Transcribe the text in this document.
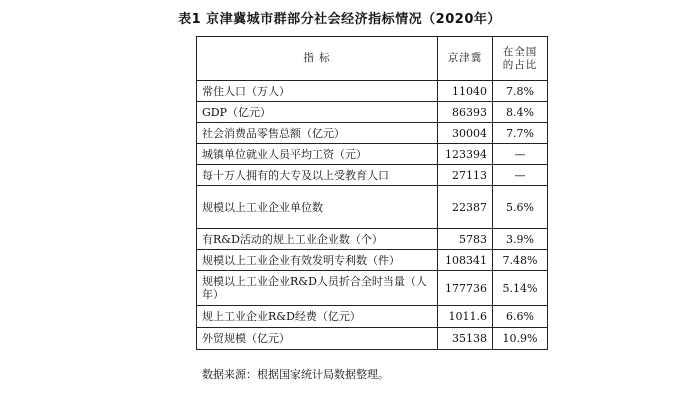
表1 京津冀城市群部分社会经济指标情况（2020年）
指 标	京津冀	在全国的占比
常住人口（万人）	11040	7.8%
GDP（亿元）	86393	8.4%
社会消费品零售总额（亿元）	30004	7.7%
城镇单位就业人员平均工资（元）	123394	—
每十万人拥有的大专及以上受教育人口	27113	—
规模以上工业企业单位数	22387	5.6%
有R&D活动的规上工业企业数（个）	5783	3.9%
规模以上工业企业有效发明专利数（件）	108341	7.48%
规模以上工业企业R&D人员折合全时当量（人年）	177736	5.14%
规上工业企业R&D经费（亿元）	1011.6	6.6%
外贸规模（亿元）	35138	10.9%
数据来源：根据国家统计局数据整理。
